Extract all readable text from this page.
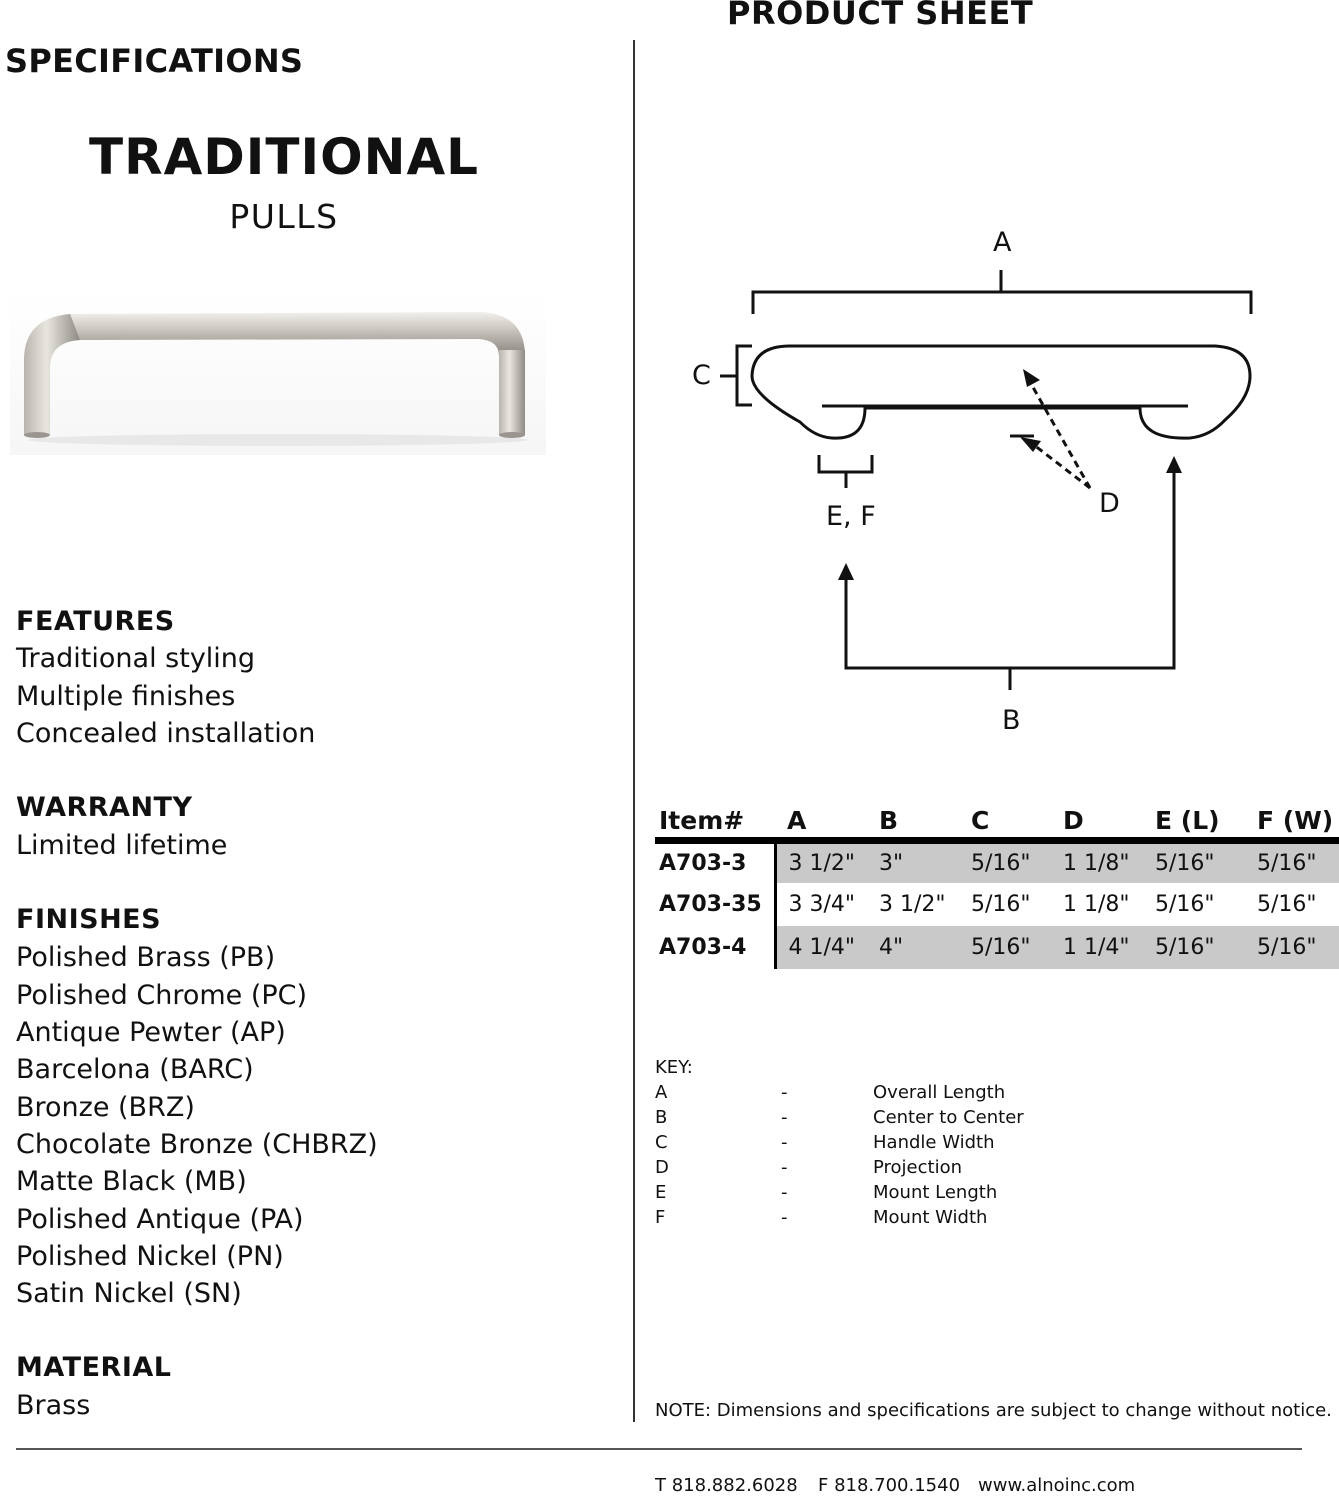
PRODUCT SHEET
SPECIFICATIONS
TRADITIONAL
PULLS
FEATURES
Traditional styling
Multiple finishes
Concealed installation
WARRANTY
Limited lifetime
FINISHES
Polished Brass (PB)
Polished Chrome (PC)
Antique Pewter (AP)
Barcelona (BARC)
Bronze (BRZ)
Chocolate Bronze (CHBRZ)
Matte Black (MB)
Polished Antique (PA)
Polished Nickel (PN)
Satin Nickel (SN)
MATERIAL
Brass
A
C
D
E, F
B
Item#	A	B	C	D	E (L)	F (W)
A703-3	3 1/2"	3"	5/16"	1 1/8"	5/16"	5/16"
A703-35	3 3/4"	3 1/2"	5/16"	1 1/8"	5/16"	5/16"
A703-4	4 1/4"	4"	5/16"	1 1/4"	5/16"	5/16"
KEY:
A	-	Overall Length
B	-	Center to Center
C	-	Handle Width
D	-	Projection
E	-	Mount Length
F	-	Mount Width
NOTE: Dimensions and specifications are subject to change without notice.
T 818.882.6028 F 818.700.1540 www.alnoinc.com
